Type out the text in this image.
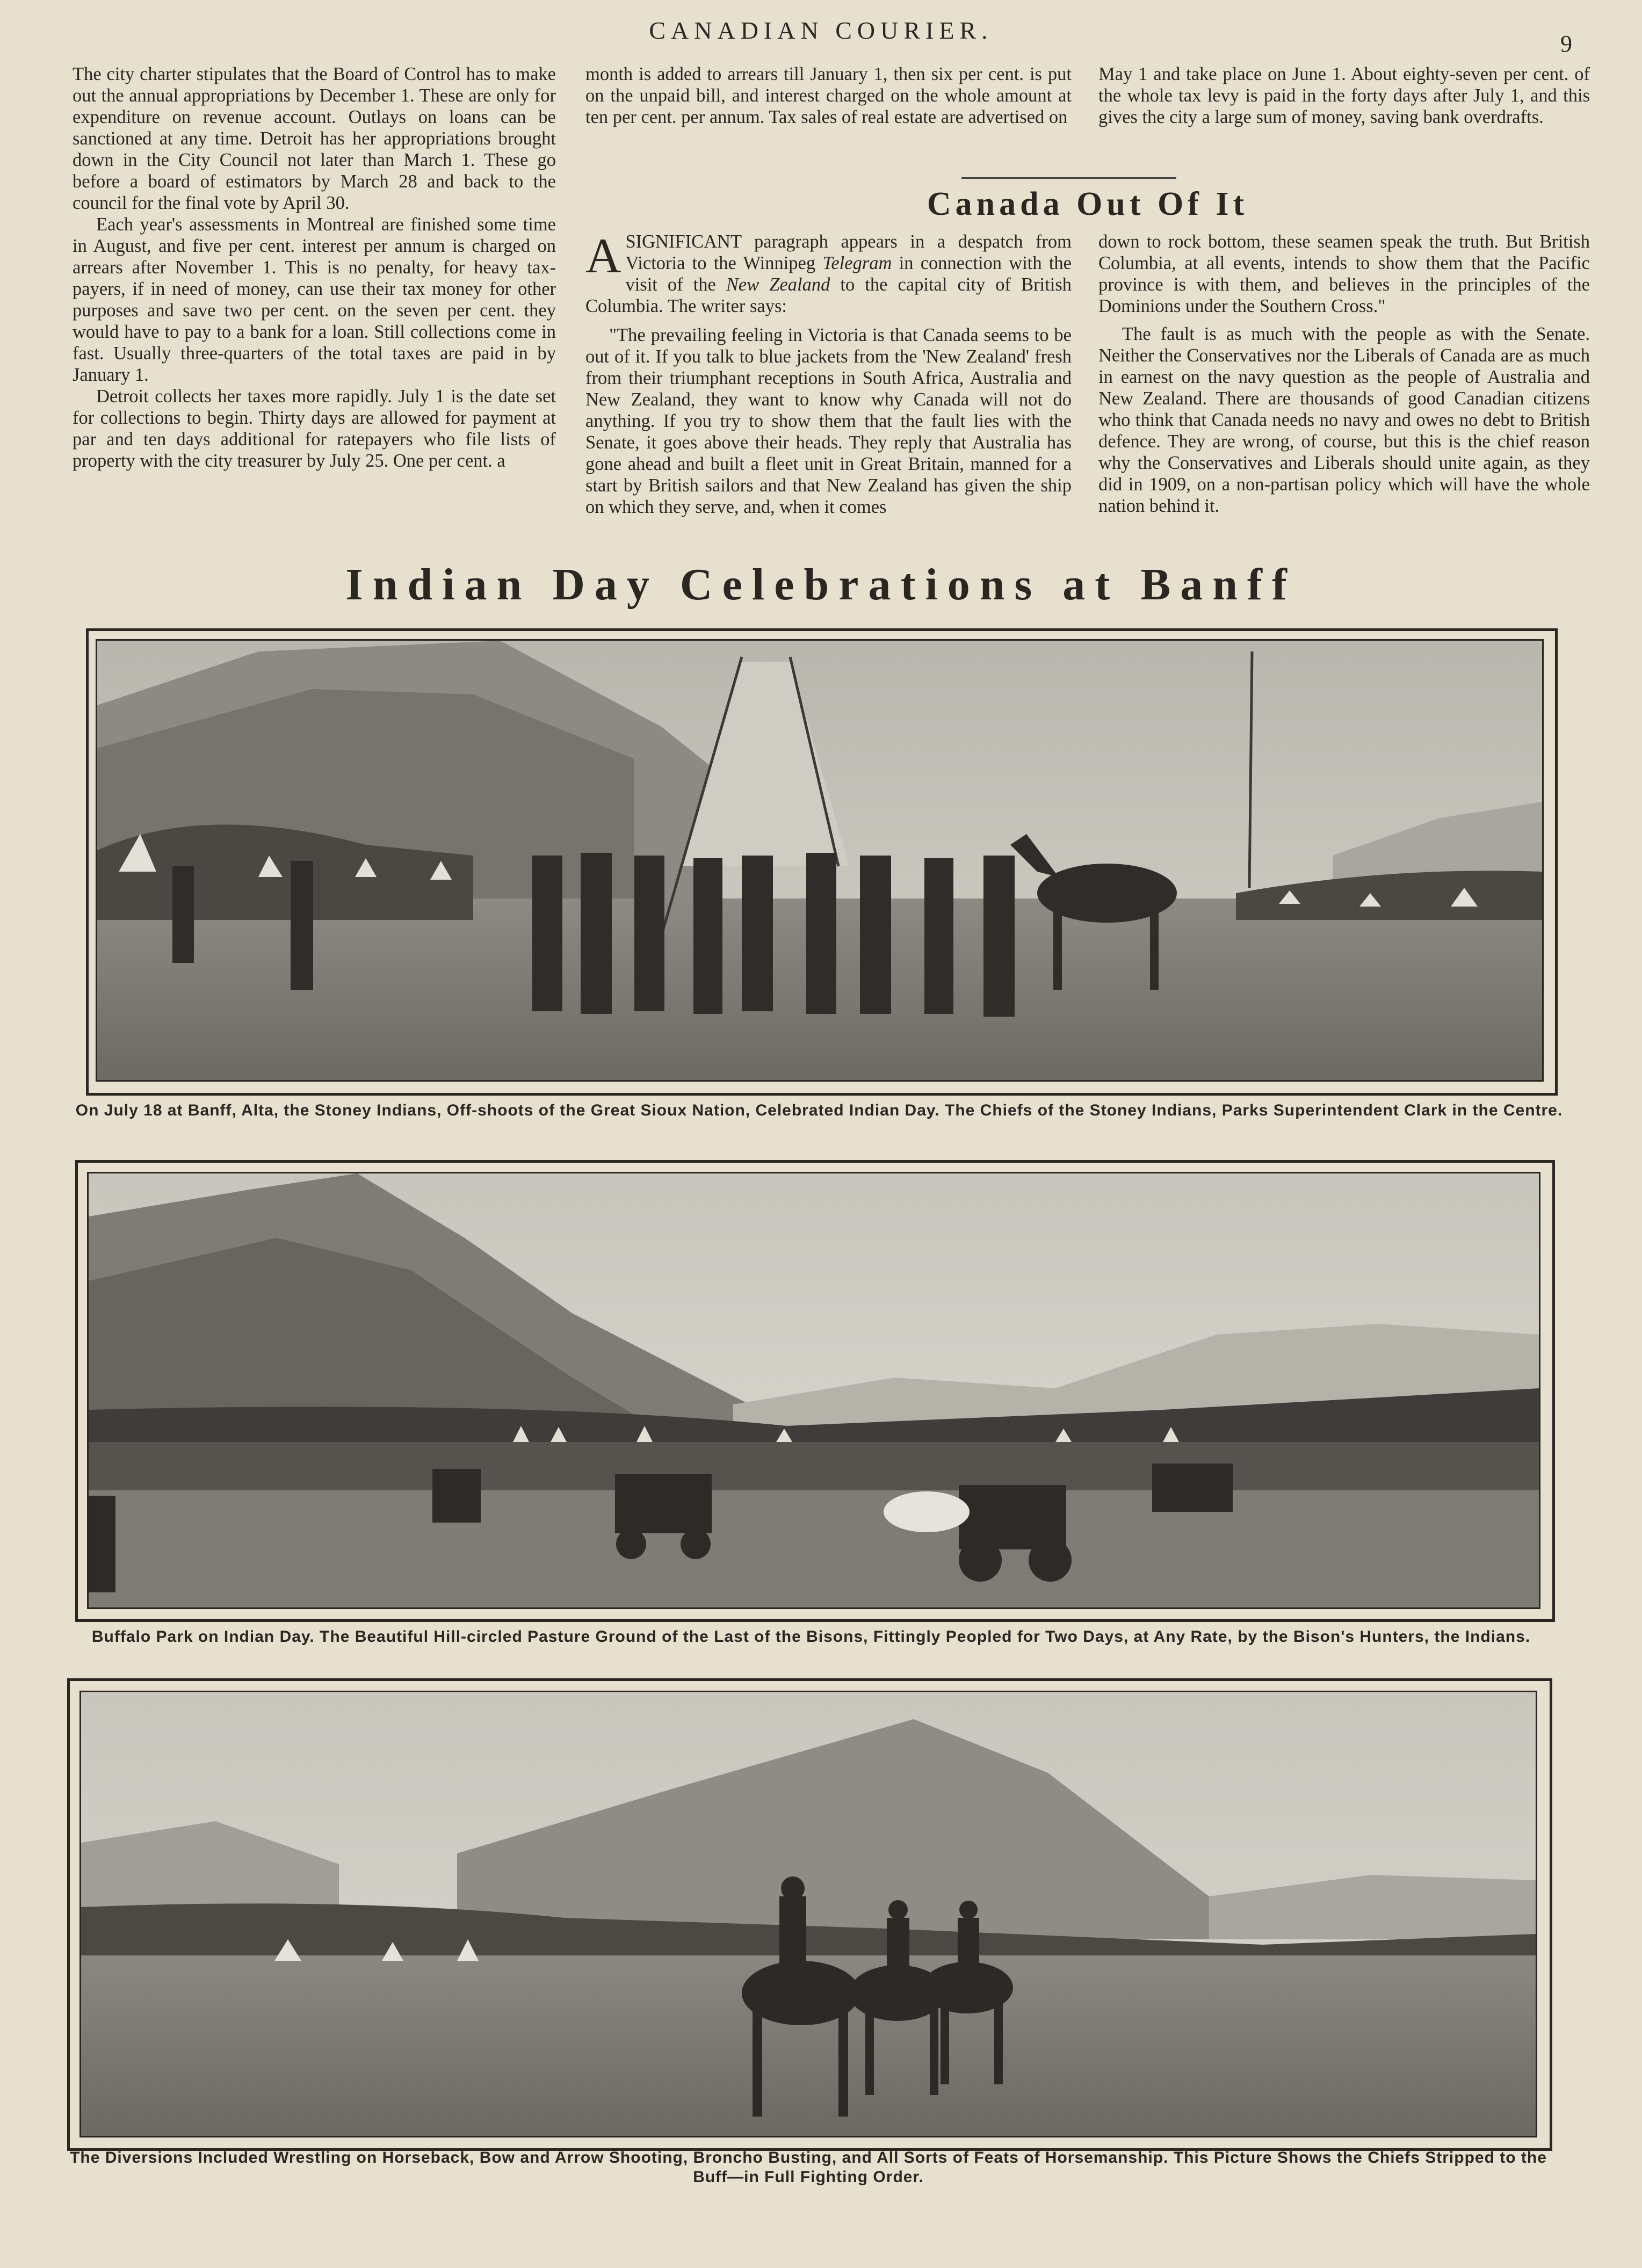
CANADIAN COURIER.	9

The city charter stipulates that the Board of Control has to make out the annual appropriations by December 1. These are only for expenditure on revenue account. Outlays on loans can be sanctioned at any time. Detroit has her appropriations brought down in the City Council not later than March 1. These go before a board of estimators by March 28 and back to the council for the final vote by April 30.

Each year's assessments in Montreal are finished some time in August, and five per cent. interest per annum is charged on arrears after November 1. This is no penalty, for heavy tax-payers, if in need of money, can use their tax money for other purposes and save two per cent. on the seven per cent. they would have to pay to a bank for a loan. Still collections come in fast. Usually three-quarters of the total taxes are paid in by January 1.

Detroit collects her taxes more rapidly. July 1 is the date set for collections to begin. Thirty days are allowed for payment at par and ten days additional for ratepayers who file lists of property with the city treasurer by July 25. One per cent. a

month is added to arrears till January 1, then six per cent. is put on the unpaid bill, and interest charged on the whole amount at ten per cent. per annum. Tax sales of real estate are advertised on

May 1 and take place on June 1. About eighty-seven per cent. of the whole tax levy is paid in the forty days after July 1, and this gives the city a large sum of money, saving bank overdrafts.

Canada Out Of It

A SIGNIFICANT paragraph appears in a despatch from Victoria to the Winnipeg Telegram in connection with the visit of the New Zealand to the capital city of British Columbia. The writer says:

"The prevailing feeling in Victoria is that Canada seems to be out of it. If you talk to blue jackets from the 'New Zealand' fresh from their triumphant receptions in South Africa, Australia and New Zealand, they want to know why Canada will not do anything. If you try to show them that the fault lies with the Senate, it goes above their heads. They reply that Australia has gone ahead and built a fleet unit in Great Britain, manned for a start by British sailors and that New Zealand has given the ship on which they serve, and, when it comes

down to rock bottom, these seamen speak the truth. But British Columbia, at all events, intends to show them that the Pacific province is with them, and believes in the principles of the Dominions under the Southern Cross."

The fault is as much with the people as with the Senate. Neither the Conservatives nor the Liberals of Canada are as much in earnest on the navy question as the people of Australia and New Zealand. There are thousands of good Canadian citizens who think that Canada needs no navy and owes no debt to British defence. They are wrong, of course, but this is the chief reason why the Conservatives and Liberals should unite again, as they did in 1909, on a non-partisan policy which will have the whole nation behind it.

Indian Day Celebrations at Banff
On July 18 at Banff, Alta, the Stoney Indians, Off-shoots of the Great Sioux Nation, Celebrated Indian Day. The Chiefs of the Stoney Indians, Parks Superintendent Clark in the Centre.
Buffalo Park on Indian Day. The Beautiful Hill-circled Pasture Ground of the Last of the Bisons, Fittingly Peopled for Two Days, at Any Rate, by the Bison's Hunters, the Indians.
The Diversions Included Wrestling on Horseback, Bow and Arrow Shooting, Broncho Busting, and All Sorts of Feats of Horsemanship. This Picture Shows the Chiefs Stripped to the Buff—in Full Fighting Order.
